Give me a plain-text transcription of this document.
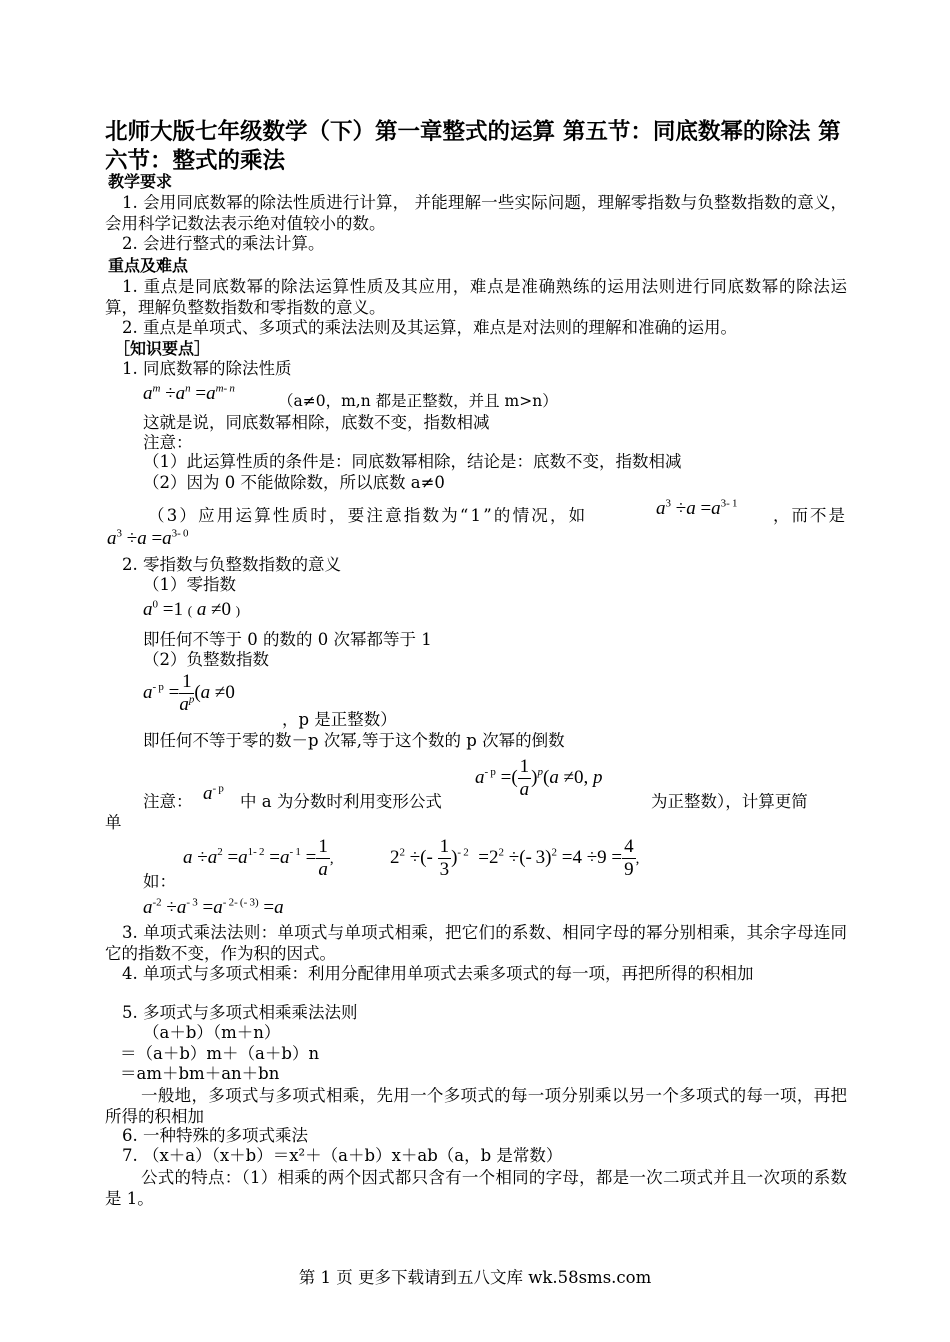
北师大版七年级数学（下）第一章整式的运算 第五节：同底数幂的除法 第六节：整式的乘法
教学要求
1. 会用同底数幂的除法性质进行计算， 并能理解一些实际问题，理解零指数与负整数指数的意义，会用科学记数法表示绝对值较小的数。
2. 会进行整式的乘法计算。
重点及难点
1. 重点是同底数幂的除法运算性质及其应用，难点是准确熟练的运用法则进行同底数幂的除法运算，理解负整数指数和零指数的意义。
2. 重点是单项式、多项式的乘法法则及其运算，难点是对法则的理解和准确的运用。
［知识要点］
1. 同底数幂的除法性质
$a^m \div a^n =a^{m- n}$
（a≠0，m,n 都是正整数，并且 m>n）
这就是说，同底数幂相除，底数不变，指数相减
注意：
（1）此运算性质的条件是：同底数幂相除，结论是：底数不变，指数相减
（2）因为 0 不能做除数，所以底数 a≠0
（3）应用运算性质时，要注意指数为“1”的情况，如	$a^3 \div a =a^{3- 1}$
，而不是
$a^3 \div a =a^{3- 0}$
2. 零指数与负整数指数的意义
（1）零指数
$a^0 =1$ ( a ≠0 )
即任何不等于 0 的数的 0 次幂都等于 1
（2）负整数指数
$a^{- p} = \frac{1}{a^p} (a \ne 0$
，p 是正整数）
即任何不等于零的数－p 次幂,等于这个数的 p 次幂的倒数
$a^{- p}$ =( $\frac{1}{a} )^p(a \ne 0$, p
注意： $a^{- p}$
中 a 为分数时利用变形公式	为正整数），计算更简
单
$a \div a^2 =a^{1- 2} =a^{- 1} = \frac{1}{a}$ ,	$2^2$ ÷(- $\frac{1}{3} )^{- 2} =2^2$ ÷(- $3)^2 =4 \div 9 = \frac{4}{9}$ ,
如：
$a^{-2} \div a^{- 3} =a^{- 2- (- 3)} =a$
3. 单项式乘法法则：单项式与单项式相乘，把它们的系数、相同字母的幂分别相乘，其余字母连同它的指数不变，作为积的因式。
4. 单项式与多项式相乘：利用分配律用单项式去乘多项式的每一项，再把所得的积相加
5. 多项式与多项式相乘乘法法则
（a＋b）（m＋n）
＝（a＋b）m＋（a＋b）n
＝am＋bm＋an＋bn
一般地，多项式与多项式相乘，先用一个多项式的每一项分别乘以另一个多项式的每一项，再把所得的积相加
6. 一种特殊的多项式乘法
7. （x＋a）（x＋b）＝x²＋（a＋b）x＋ab（a，b 是常数）
公式的特点：（1）相乘的两个因式都只含有一个相同的字母，都是一次二项式并且一次项的系数是 1。
第 1 页 更多下载请到五八文库 wk.58sms.com
